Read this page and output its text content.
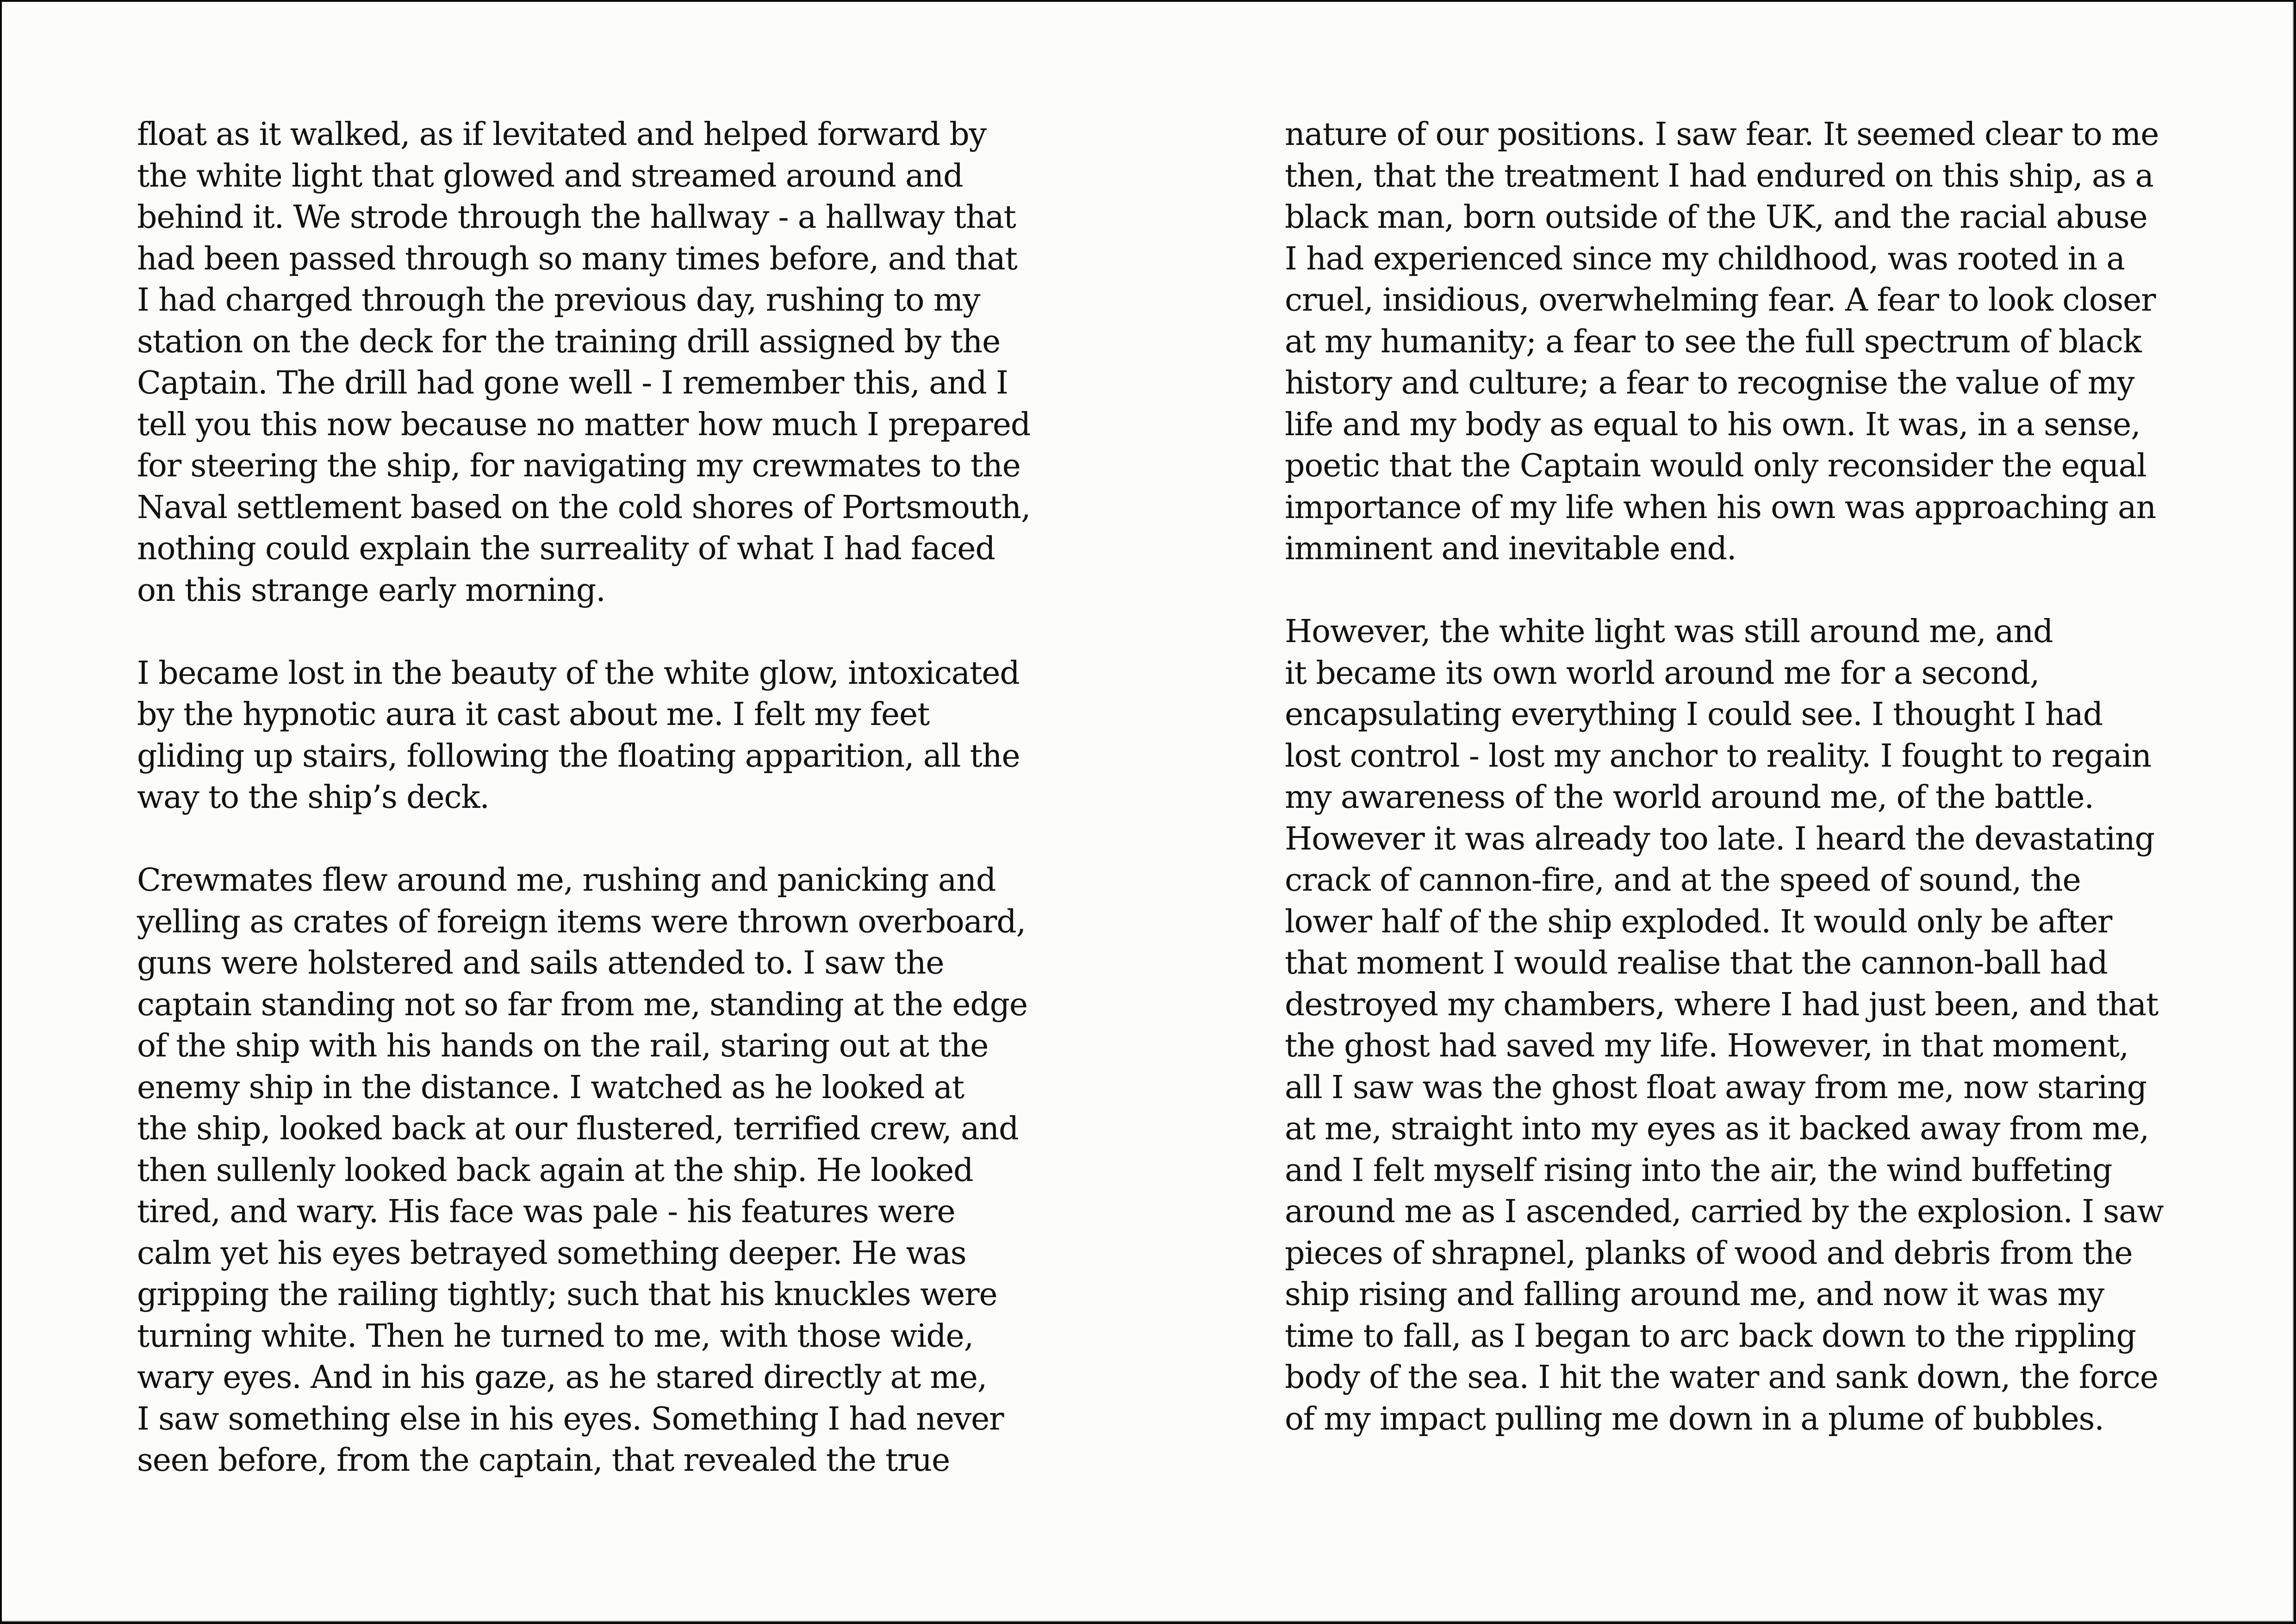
float as it walked, as if levitated and helped forward by
the white light that glowed and streamed around and
behind it. We strode through the hallway - a hallway that
had been passed through so many times before, and that
I had charged through the previous day, rushing to my
station on the deck for the training drill assigned by the
Captain. The drill had gone well - I remember this, and I
tell you this now because no matter how much I prepared
for steering the ship, for navigating my crewmates to the
Naval settlement based on the cold shores of Portsmouth,
nothing could explain the surreality of what I had faced
on this strange early morning.

I became lost in the beauty of the white glow, intoxicated
by the hypnotic aura it cast about me. I felt my feet
gliding up stairs, following the floating apparition, all the
way to the ship’s deck.

Crewmates flew around me, rushing and panicking and
yelling as crates of foreign items were thrown overboard,
guns were holstered and sails attended to. I saw the
captain standing not so far from me, standing at the edge
of the ship with his hands on the rail, staring out at the
enemy ship in the distance. I watched as he looked at
the ship, looked back at our flustered, terrified crew, and
then sullenly looked back again at the ship. He looked
tired, and wary. His face was pale - his features were
calm yet his eyes betrayed something deeper. He was
gripping the railing tightly; such that his knuckles were
turning white. Then he turned to me, with those wide,
wary eyes. And in his gaze, as he stared directly at me,
I saw something else in his eyes. Something I had never
seen before, from the captain, that revealed the true

nature of our positions. I saw fear. It seemed clear to me
then, that the treatment I had endured on this ship, as a
black man, born outside of the UK, and the racial abuse
I had experienced since my childhood, was rooted in a
cruel, insidious, overwhelming fear. A fear to look closer
at my humanity; a fear to see the full spectrum of black
history and culture; a fear to recognise the value of my
life and my body as equal to his own. It was, in a sense,
poetic that the Captain would only reconsider the equal
importance of my life when his own was approaching an
imminent and inevitable end.

However, the white light was still around me, and
it became its own world around me for a second,
encapsulating everything I could see. I thought I had
lost control - lost my anchor to reality. I fought to regain
my awareness of the world around me, of the battle.
However it was already too late. I heard the devastating
crack of cannon-fire, and at the speed of sound, the
lower half of the ship exploded. It would only be after
that moment I would realise that the cannon-ball had
destroyed my chambers, where I had just been, and that
the ghost had saved my life. However, in that moment,
all I saw was the ghost float away from me, now staring
at me, straight into my eyes as it backed away from me,
and I felt myself rising into the air, the wind buffeting
around me as I ascended, carried by the explosion. I saw
pieces of shrapnel, planks of wood and debris from the
ship rising and falling around me, and now it was my
time to fall, as I began to arc back down to the rippling
body of the sea. I hit the water and sank down, the force
of my impact pulling me down in a plume of bubbles.
